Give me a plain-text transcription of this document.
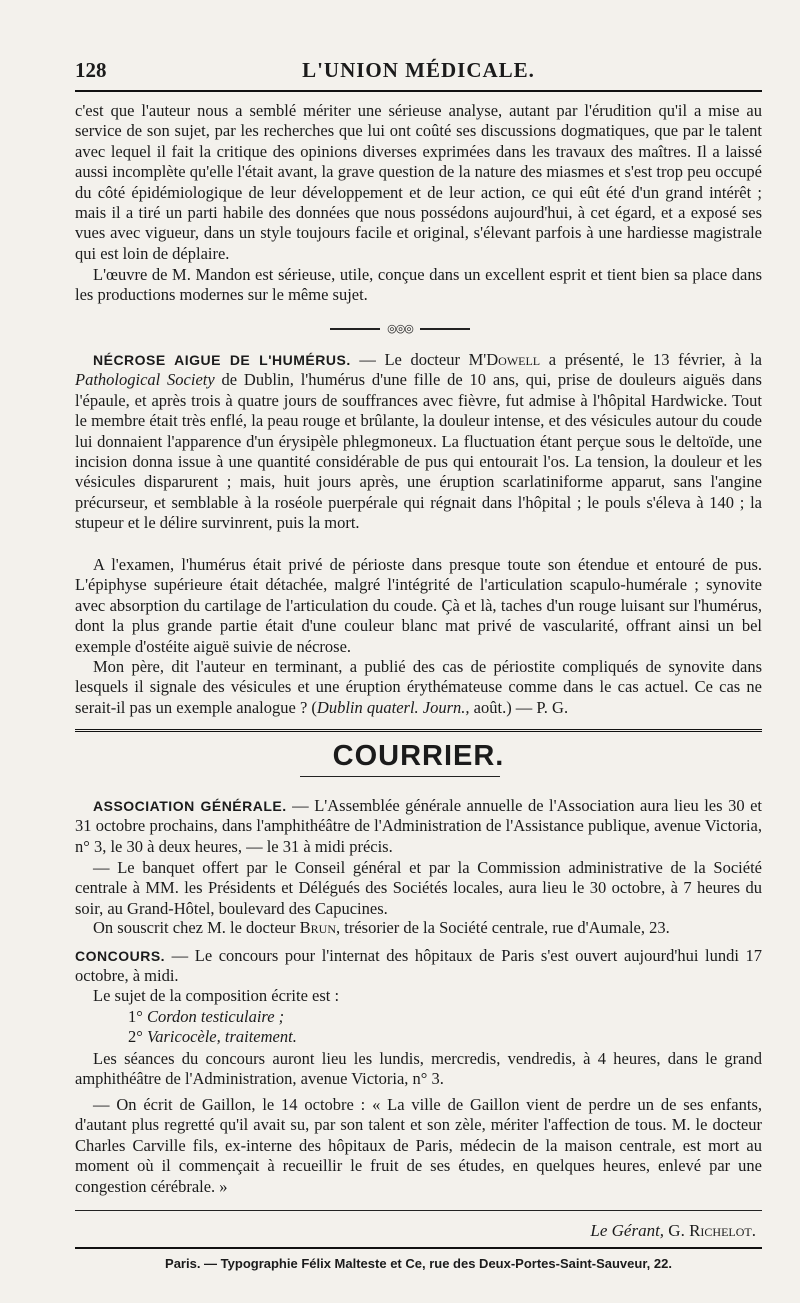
128	L'UNION MÉDICALE.

c'est que l'auteur nous a semblé mériter une sérieuse analyse, autant par l'érudition qu'il a mise au service de son sujet, par les recherches que lui ont coûté ses discussions dogmatiques, que par le talent avec lequel il fait la critique des opinions diverses exprimées dans les travaux des maîtres. Il a laissé aussi incomplète qu'elle l'était avant, la grave question de la nature des miasmes et s'est trop peu occupé du côté épidémiologique de leur développement et de leur action, ce qui eût été d'un grand intérêt ; mais il a tiré un parti habile des données que nous possédons aujourd'hui, à cet égard, et a exposé ses vues avec vigueur, dans un style toujours facile et original, s'élevant parfois à une hardiesse magistrale qui est loin de déplaire.

L'œuvre de M. Mandon est sérieuse, utile, conçue dans un excellent esprit et tient bien sa place dans les productions modernes sur le même sujet.

◎◎◎

NÉCROSE AIGUE DE L'HUMÉRUS. — Le docteur M'Dowell a présenté, le 13 février, à la Pathological Society de Dublin, l'humérus d'une fille de 10 ans, qui, prise de douleurs aiguës dans l'épaule, et après trois à quatre jours de souffrances avec fièvre, fut admise à l'hôpital Hardwicke. Tout le membre était très enflé, la peau rouge et brûlante, la douleur intense, et des vésicules autour du coude lui donnaient l'apparence d'un érysipèle phlegmoneux. La fluctuation étant perçue sous le deltoïde, une incision donna issue à une quantité considérable de pus qui entourait l'os. La tension, la douleur et les vésicules disparurent ; mais, huit jours après, une éruption scarlatiniforme apparut, sans l'angine précurseur, et semblable à la roséole puerpérale qui régnait dans l'hôpital ; le pouls s'éleva à 140 ; la stupeur et le délire survinrent, puis la mort.

A l'examen, l'humérus était privé de périoste dans presque toute son étendue et entouré de pus. L'épiphyse supérieure était détachée, malgré l'intégrité de l'articulation scapulo-humérale ; synovite avec absorption du cartilage de l'articulation du coude. Çà et là, taches d'un rouge luisant sur l'humérus, dont la plus grande partie était d'une couleur blanc mat privé de vascularité, offrant ainsi un bel exemple d'ostéite aiguë suivie de nécrose.

Mon père, dit l'auteur en terminant, a publié des cas de périostite compliqués de synovite dans lesquels il signale des vésicules et une éruption érythémateuse comme dans le cas actuel. Ce cas ne serait-il pas un exemple analogue ? (Dublin quaterl. Journ., août.) — P. G.

COURRIER.

ASSOCIATION GÉNÉRALE. — L'Assemblée générale annuelle de l'Association aura lieu les 30 et 31 octobre prochains, dans l'amphithéâtre de l'Administration de l'Assistance publique, avenue Victoria, n° 3, le 30 à deux heures, — le 31 à midi précis.

— Le banquet offert par le Conseil général et par la Commission administrative de la Société centrale à MM. les Présidents et Délégués des Sociétés locales, aura lieu le 30 octobre, à 7 heures du soir, au Grand-Hôtel, boulevard des Capucines.

On souscrit chez M. le docteur Brun, trésorier de la Société centrale, rue d'Aumale, 23.

CONCOURS. — Le concours pour l'internat des hôpitaux de Paris s'est ouvert aujourd'hui lundi 17 octobre, à midi.

Le sujet de la composition écrite est :

1° Cordon testiculaire ;
2° Varicocèle, traitement.

Les séances du concours auront lieu les lundis, mercredis, vendredis, à 4 heures, dans le grand amphithéâtre de l'Administration, avenue Victoria, n° 3.

— On écrit de Gaillon, le 14 octobre : « La ville de Gaillon vient de perdre un de ses enfants, d'autant plus regretté qu'il avait su, par son talent et son zèle, mériter l'affection de tous. M. le docteur Charles Carville fils, ex-interne des hôpitaux de Paris, médecin de la maison centrale, est mort au moment où il commençait à recueillir le fruit de ses études, en quelques heures, enlevé par une congestion cérébrale. »

Le Gérant, G. Richelot.
Paris. — Typographie Félix Malteste et Ce, rue des Deux-Portes-Saint-Sauveur, 22.
